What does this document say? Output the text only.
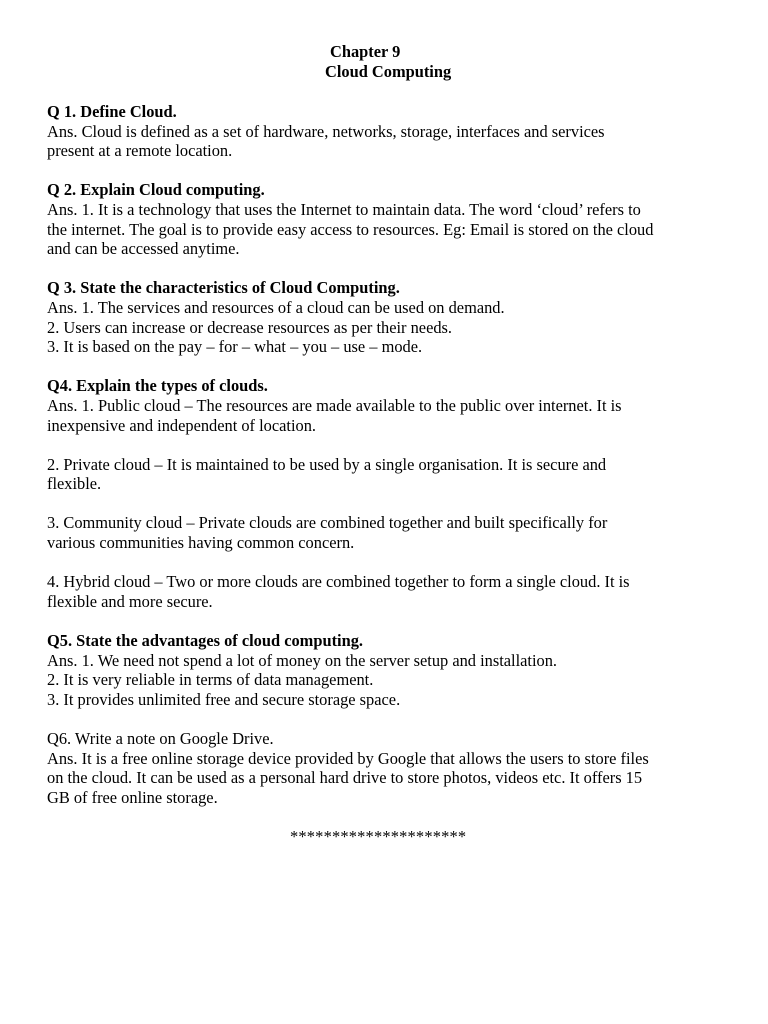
Chapter 9
Cloud Computing
Q 1. Define Cloud.
Ans. Cloud is defined as a set of hardware, networks, storage, interfaces and services
present at a remote location.
Q 2. Explain Cloud computing.
Ans. 1. It is a technology that uses the Internet to maintain data. The word ‘cloud’ refers to
the internet. The goal is to provide easy access to resources. Eg: Email is stored on the cloud
and can be accessed anytime.
Q 3. State the characteristics of Cloud Computing.
Ans. 1. The services and resources of a cloud can be used on demand.
2. Users can increase or decrease resources as per their needs.
3. It is based on the pay – for – what – you – use – mode.
Q4. Explain the types of clouds.
Ans. 1. Public cloud – The resources are made available to the public over internet. It is
inexpensive and independent of location.
2. Private cloud – It is maintained to be used by a single organisation. It is secure and
flexible.
3. Community cloud – Private clouds are combined together and built specifically for
various communities having common concern.
4. Hybrid cloud – Two or more clouds are combined together to form a single cloud. It is
flexible and more secure.
Q5. State the advantages of cloud computing.
Ans. 1. We need not spend a lot of money on the server setup and installation.
2. It is very reliable in terms of data management.
3. It provides unlimited free and secure storage space.
Q6. Write a note on Google Drive.
Ans. It is a free online storage device provided by Google that allows the users to store files
on the cloud. It can be used as a personal hard drive to store photos, videos etc. It offers 15
GB of free online storage.
*********************
